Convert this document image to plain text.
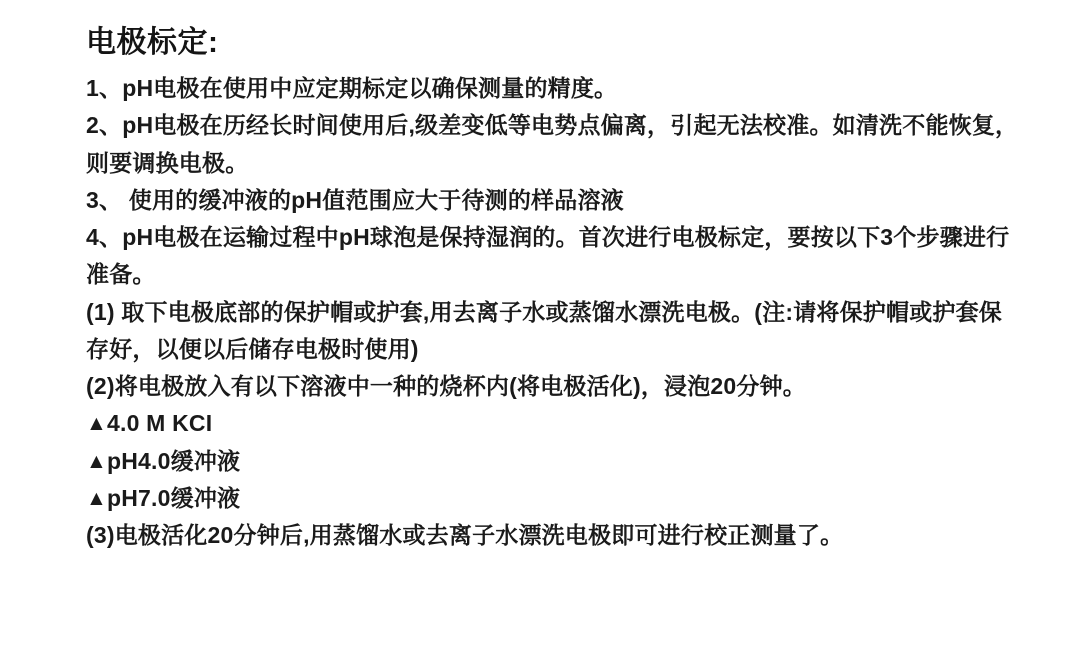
电极标定:

1、pH电极在使用中应定期标定以确保测量的精度。

2、pH电极在历经长时间使用后,级差变低等电势点偏离，引起无法校准。如清洗不能恢复，则要调换电极。

3、 使用的缓冲液的pH值范围应大于待测的样品溶液

4、pH电极在运输过程中pH球泡是保持湿润的。首次进行电极标定，要按以下3个步骤进行准备。

(1) 取下电极底部的保护帽或护套,用去离子水或蒸馏水漂洗电极。(注:请将保护帽或护套保存好，以便以后储存电极时使用)

(2)将电极放入有以下溶液中一种的烧杯内(将电极活化)，浸泡20分钟。

▲4.0 M KCI

▲pH4.0缓冲液

▲pH7.0缓冲液

(3)电极活化20分钟后,用蒸馏水或去离子水漂洗电极即可进行校正测量了。
